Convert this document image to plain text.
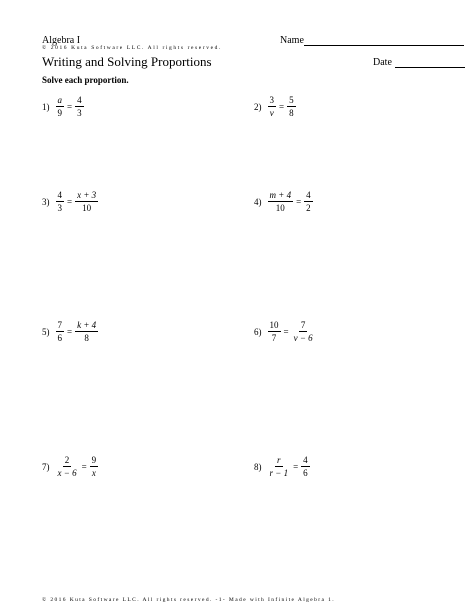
Algebra I
© 2016 Kuta Software LLC. All rights reserved.
Writing and Solving Proportions
Name
Date
Solve each proportion.
$1) \frac{a}{9} = \frac{4}{3}$	$2) \frac{3}{v} = \frac{5}{8}$
$3) \frac{4}{3} = \frac{x + 3}{10}$	$4) \frac{m + 4}{10} = \frac{4}{2}$
$5) \frac{7}{6} = \frac{k + 4}{8}$	$6) \frac{10}{7} = \frac{7}{v - 6}$
$7) \frac{2}{x - 6} = \frac{9}{x}$	$8) \frac{r}{r - 1} = \frac{4}{6}$
© 2016 Kuta Software LLC. All rights reserved. -1- Made with Infinite Algebra 1.
